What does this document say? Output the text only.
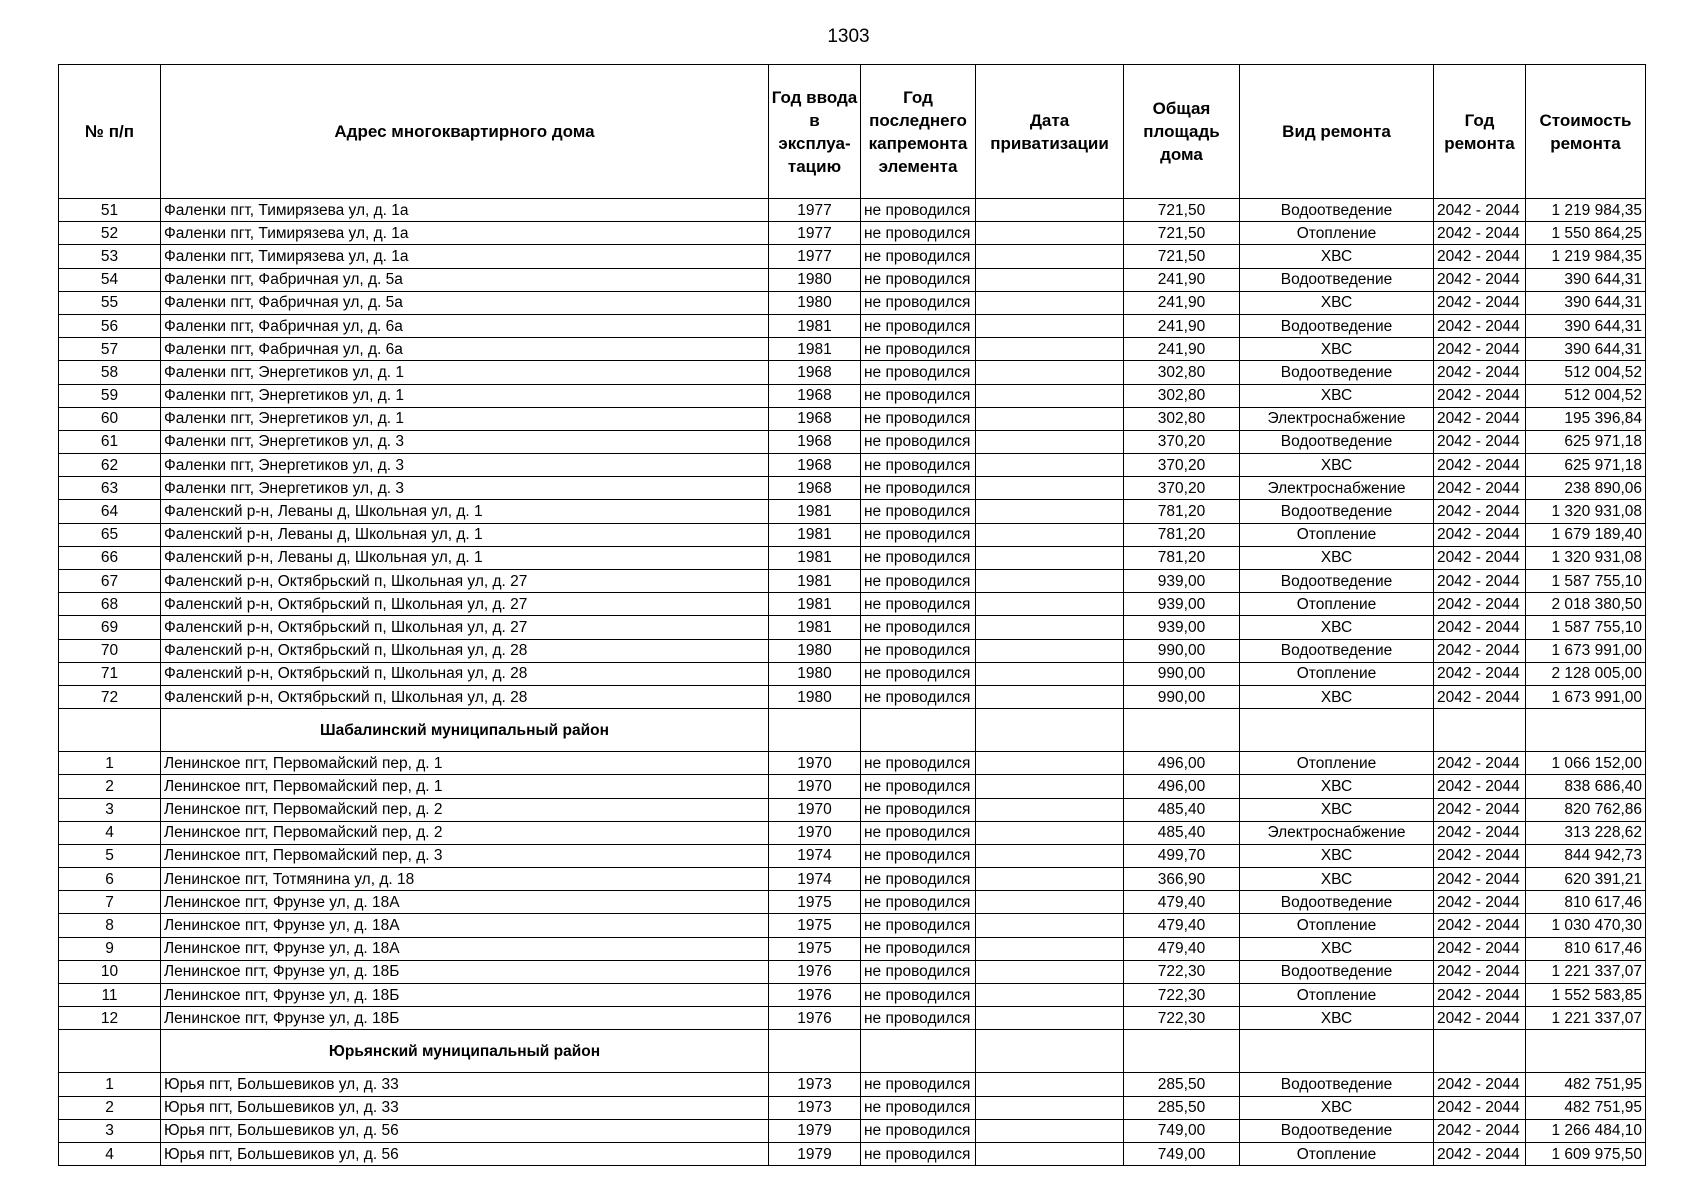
1303
№ п/п	Адрес многоквартирного дома	Год ввода в эксплуа-тацию	Год последнего капремонта элемента	Дата приватизации	Общая площадь дома	Вид ремонта	Год ремонта	Стоимость ремонта
51	Фаленки пгт, Тимирязева ул, д. 1а	1977	не проводился		721,50	Водоотведение	2042 - 2044	1 219 984,35
52	Фаленки пгт, Тимирязева ул, д. 1а	1977	не проводился		721,50	Отопление	2042 - 2044	1 550 864,25
53	Фаленки пгт, Тимирязева ул, д. 1а	1977	не проводился		721,50	ХВС	2042 - 2044	1 219 984,35
54	Фаленки пгт, Фабричная ул, д. 5а	1980	не проводился		241,90	Водоотведение	2042 - 2044	390 644,31
55	Фаленки пгт, Фабричная ул, д. 5а	1980	не проводился		241,90	ХВС	2042 - 2044	390 644,31
56	Фаленки пгт, Фабричная ул, д. 6а	1981	не проводился		241,90	Водоотведение	2042 - 2044	390 644,31
57	Фаленки пгт, Фабричная ул, д. 6а	1981	не проводился		241,90	ХВС	2042 - 2044	390 644,31
58	Фаленки пгт, Энергетиков ул, д. 1	1968	не проводился		302,80	Водоотведение	2042 - 2044	512 004,52
59	Фаленки пгт, Энергетиков ул, д. 1	1968	не проводился		302,80	ХВС	2042 - 2044	512 004,52
60	Фаленки пгт, Энергетиков ул, д. 1	1968	не проводился		302,80	Электроснабжение	2042 - 2044	195 396,84
61	Фаленки пгт, Энергетиков ул, д. 3	1968	не проводился		370,20	Водоотведение	2042 - 2044	625 971,18
62	Фаленки пгт, Энергетиков ул, д. 3	1968	не проводился		370,20	ХВС	2042 - 2044	625 971,18
63	Фаленки пгт, Энергетиков ул, д. 3	1968	не проводился		370,20	Электроснабжение	2042 - 2044	238 890,06
64	Фаленский р-н, Леваны д, Школьная ул, д. 1	1981	не проводился		781,20	Водоотведение	2042 - 2044	1 320 931,08
65	Фаленский р-н, Леваны д, Школьная ул, д. 1	1981	не проводился		781,20	Отопление	2042 - 2044	1 679 189,40
66	Фаленский р-н, Леваны д, Школьная ул, д. 1	1981	не проводился		781,20	ХВС	2042 - 2044	1 320 931,08
67	Фаленский р-н, Октябрьский п, Школьная ул, д. 27	1981	не проводился		939,00	Водоотведение	2042 - 2044	1 587 755,10
68	Фаленский р-н, Октябрьский п, Школьная ул, д. 27	1981	не проводился		939,00	Отопление	2042 - 2044	2 018 380,50
69	Фаленский р-н, Октябрьский п, Школьная ул, д. 27	1981	не проводился		939,00	ХВС	2042 - 2044	1 587 755,10
70	Фаленский р-н, Октябрьский п, Школьная ул, д. 28	1980	не проводился		990,00	Водоотведение	2042 - 2044	1 673 991,00
71	Фаленский р-н, Октябрьский п, Школьная ул, д. 28	1980	не проводился		990,00	Отопление	2042 - 2044	2 128 005,00
72	Фаленский р-н, Октябрьский п, Школьная ул, д. 28	1980	не проводился		990,00	ХВС	2042 - 2044	1 673 991,00
	Шабалинский муниципальный район							
1	Ленинское пгт, Первомайский пер, д. 1	1970	не проводился		496,00	Отопление	2042 - 2044	1 066 152,00
2	Ленинское пгт, Первомайский пер, д. 1	1970	не проводился		496,00	ХВС	2042 - 2044	838 686,40
3	Ленинское пгт, Первомайский пер, д. 2	1970	не проводился		485,40	ХВС	2042 - 2044	820 762,86
4	Ленинское пгт, Первомайский пер, д. 2	1970	не проводился		485,40	Электроснабжение	2042 - 2044	313 228,62
5	Ленинское пгт, Первомайский пер, д. 3	1974	не проводился		499,70	ХВС	2042 - 2044	844 942,73
6	Ленинское пгт, Тотмянина ул, д. 18	1974	не проводился		366,90	ХВС	2042 - 2044	620 391,21
7	Ленинское пгт, Фрунзе ул, д. 18А	1975	не проводился		479,40	Водоотведение	2042 - 2044	810 617,46
8	Ленинское пгт, Фрунзе ул, д. 18А	1975	не проводился		479,40	Отопление	2042 - 2044	1 030 470,30
9	Ленинское пгт, Фрунзе ул, д. 18А	1975	не проводился		479,40	ХВС	2042 - 2044	810 617,46
10	Ленинское пгт, Фрунзе ул, д. 18Б	1976	не проводился		722,30	Водоотведение	2042 - 2044	1 221 337,07
11	Ленинское пгт, Фрунзе ул, д. 18Б	1976	не проводился		722,30	Отопление	2042 - 2044	1 552 583,85
12	Ленинское пгт, Фрунзе ул, д. 18Б	1976	не проводился		722,30	ХВС	2042 - 2044	1 221 337,07
	Юрьянский муниципальный район							
1	Юрья пгт, Большевиков ул, д. 33	1973	не проводился		285,50	Водоотведение	2042 - 2044	482 751,95
2	Юрья пгт, Большевиков ул, д. 33	1973	не проводился		285,50	ХВС	2042 - 2044	482 751,95
3	Юрья пгт, Большевиков ул, д. 56	1979	не проводился		749,00	Водоотведение	2042 - 2044	1 266 484,10
4	Юрья пгт, Большевиков ул, д. 56	1979	не проводился		749,00	Отопление	2042 - 2044	1 609 975,50
